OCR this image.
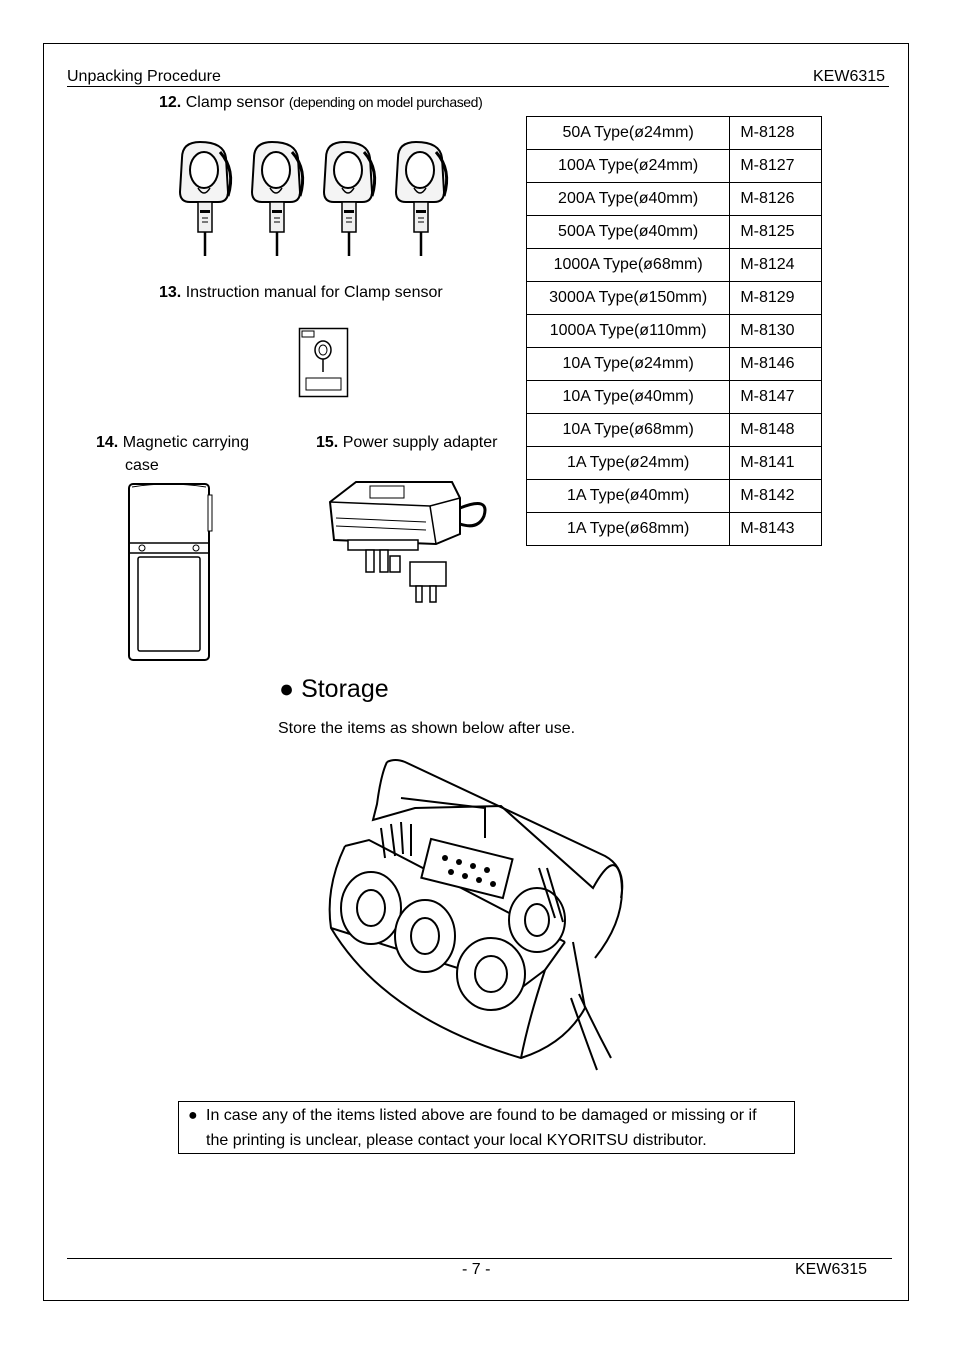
Unpacking Procedure	KEW6315
12. Clamp sensor (depending on model purchased)
13. Instruction manual for Clamp sensor
14. Magnetic carrying
case
15. Power supply adapter
50A Type(ø24mm)	M-8128
100A Type(ø24mm)	M-8127
200A Type(ø40mm)	M-8126
500A Type(ø40mm)	M-8125
1000A Type(ø68mm)	M-8124
3000A Type(ø150mm)	M-8129
1000A Type(ø110mm)	M-8130
10A Type(ø24mm)	M-8146
10A Type(ø40mm)	M-8147
10A Type(ø68mm)	M-8148
1A Type(ø24mm)	M-8141
1A Type(ø40mm)	M-8142
1A Type(ø68mm)	M-8143
● Storage
Store the items as shown below after use.
● In case any of the items listed above are found to be damaged or missing or if
the printing is unclear, please contact your local KYORITSU distributor.
- 7 -	KEW6315
